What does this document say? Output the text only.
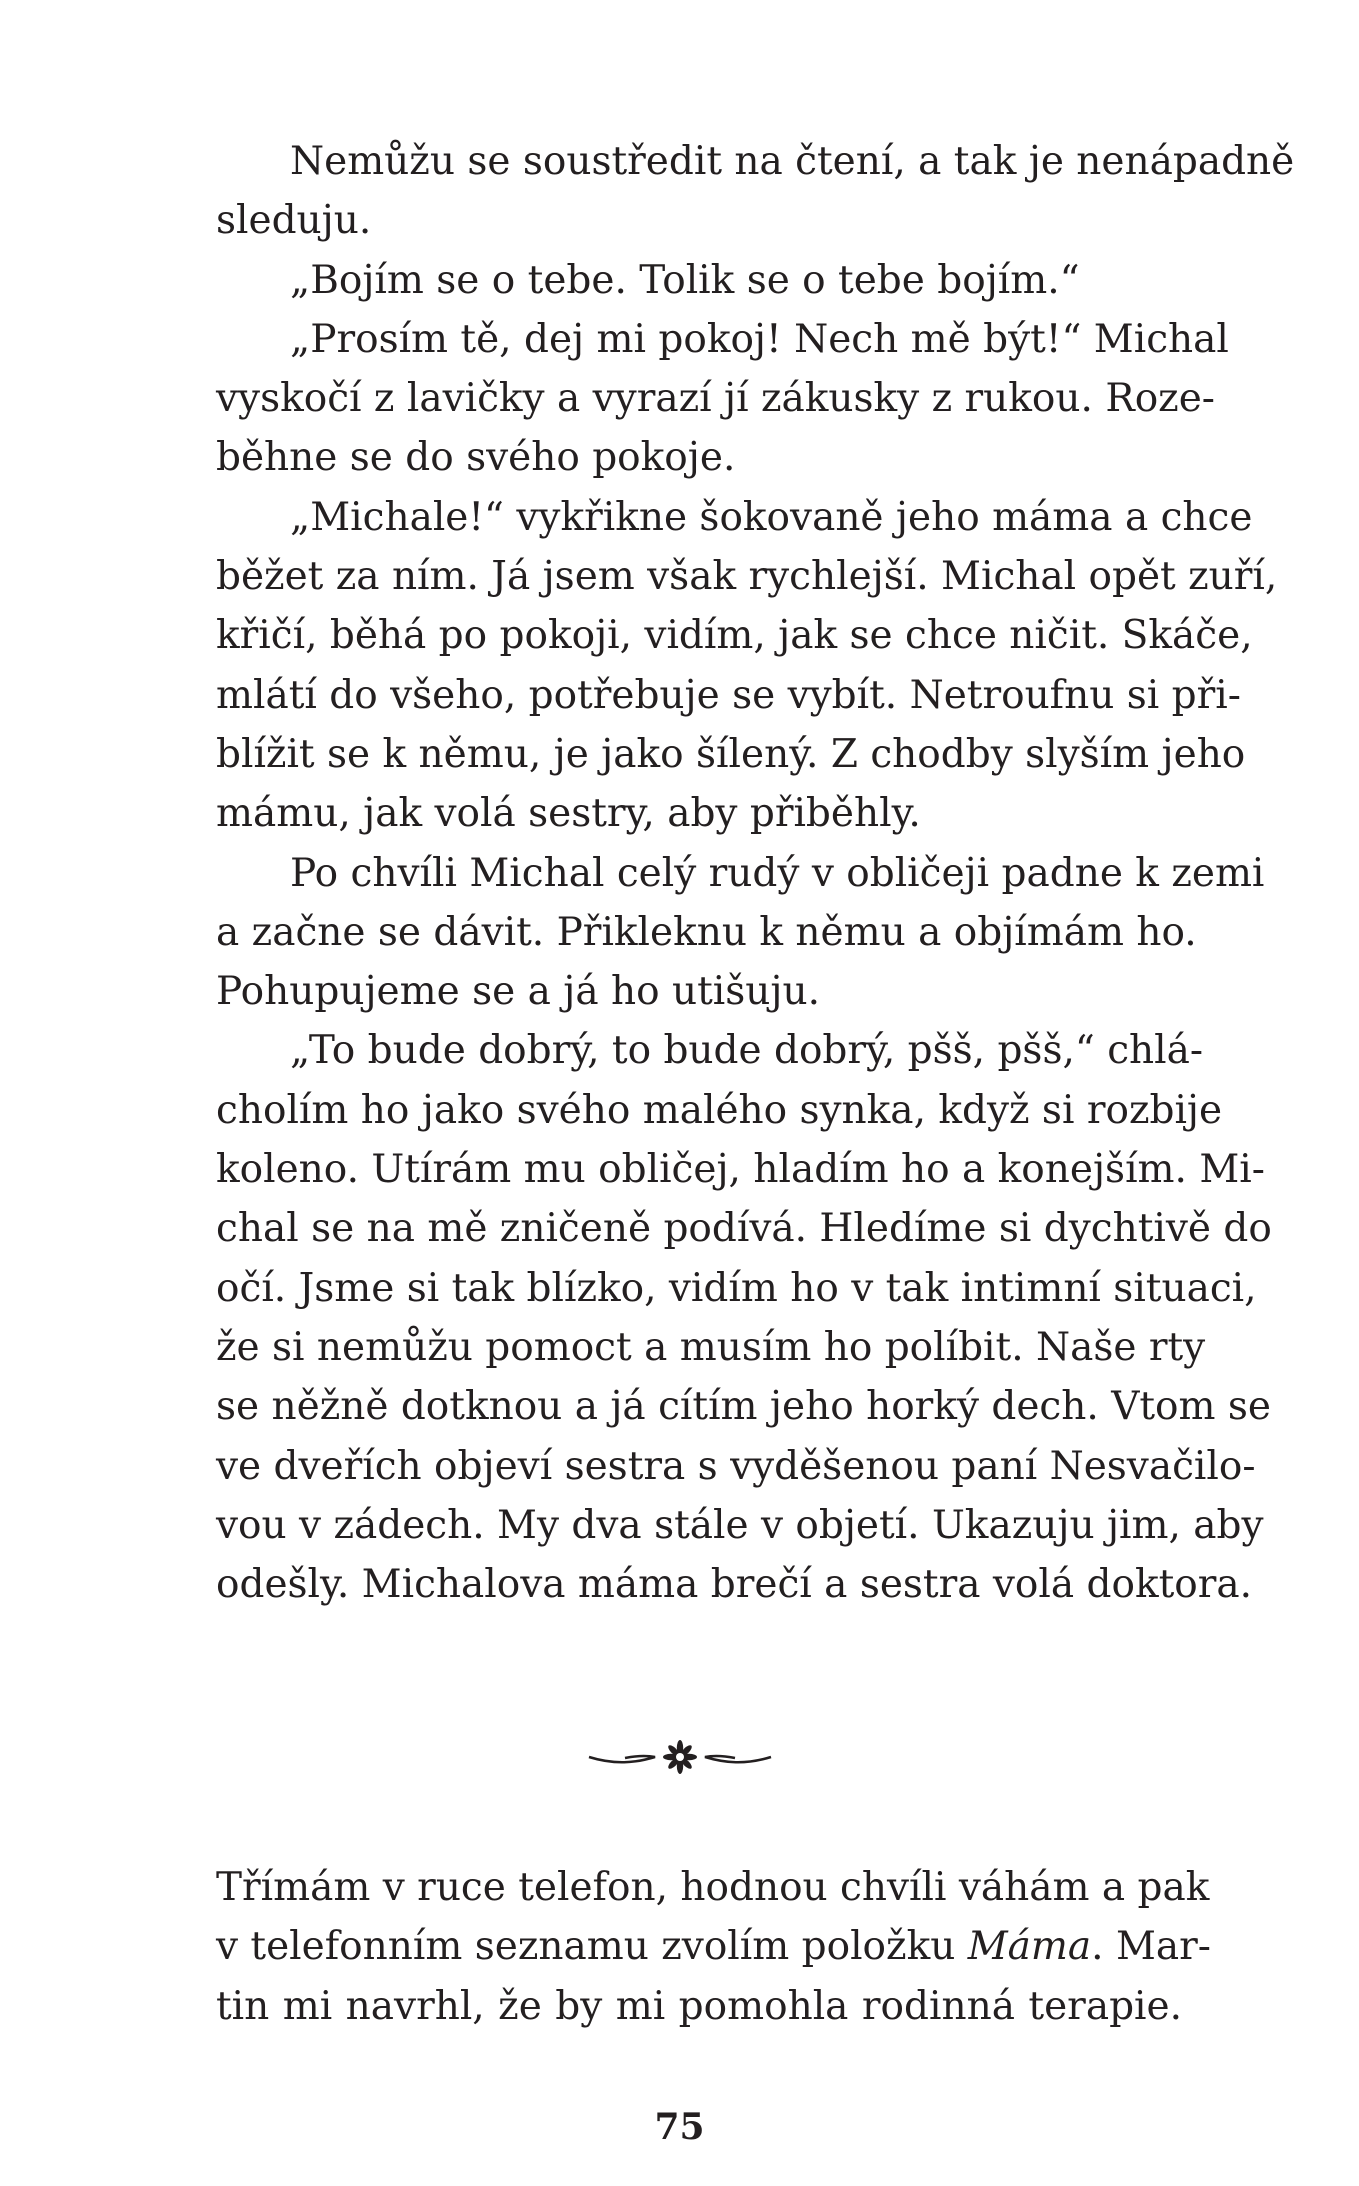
Nemůžu se soustředit na čtení, a tak je nenápadně
sleduju.
„Bojím se o tebe. Tolik se o tebe bojím.“
„Prosím tě, dej mi pokoj! Nech mě být!“ Michal
vyskočí z lavičky a vyrazí jí zákusky z rukou. Roze-
běhne se do svého pokoje.
„Michale!“ vykřikne šokovaně jeho máma a chce
běžet za ním. Já jsem však rychlejší. Michal opět zuří,
křičí, běhá po pokoji, vidím, jak se chce ničit. Skáče,
mlátí do všeho, potřebuje se vybít. Netroufnu si při-
blížit se k němu, je jako šílený. Z chodby slyším jeho
mámu, jak volá sestry, aby přiběhly.
Po chvíli Michal celý rudý v obličeji padne k zemi
a začne se dávit. Přikleknu k němu a objímám ho.
Pohupujeme se a já ho utišuju.
„To bude dobrý, to bude dobrý, pšš, pšš,“ chlá-
cholím ho jako svého malého synka, když si rozbije
koleno. Utírám mu obličej, hladím ho a konejším. Mi-
chal se na mě zničeně podívá. Hledíme si dychtivě do
očí. Jsme si tak blízko, vidím ho v tak intimní situaci,
že si nemůžu pomoct a musím ho políbit. Naše rty
se něžně dotknou a já cítím jeho horký dech. Vtom se
ve dveřích objeví sestra s vyděšenou paní Nesvačilo-
vou v zádech. My dva stále v objetí. Ukazuju jim, aby
odešly. Michalova máma brečí a sestra volá doktora.
Třímám v ruce telefon, hodnou chvíli váhám a pak
v telefonním seznamu zvolím položku Máma. Mar-
tin mi navrhl, že by mi pomohla rodinná terapie.
75
